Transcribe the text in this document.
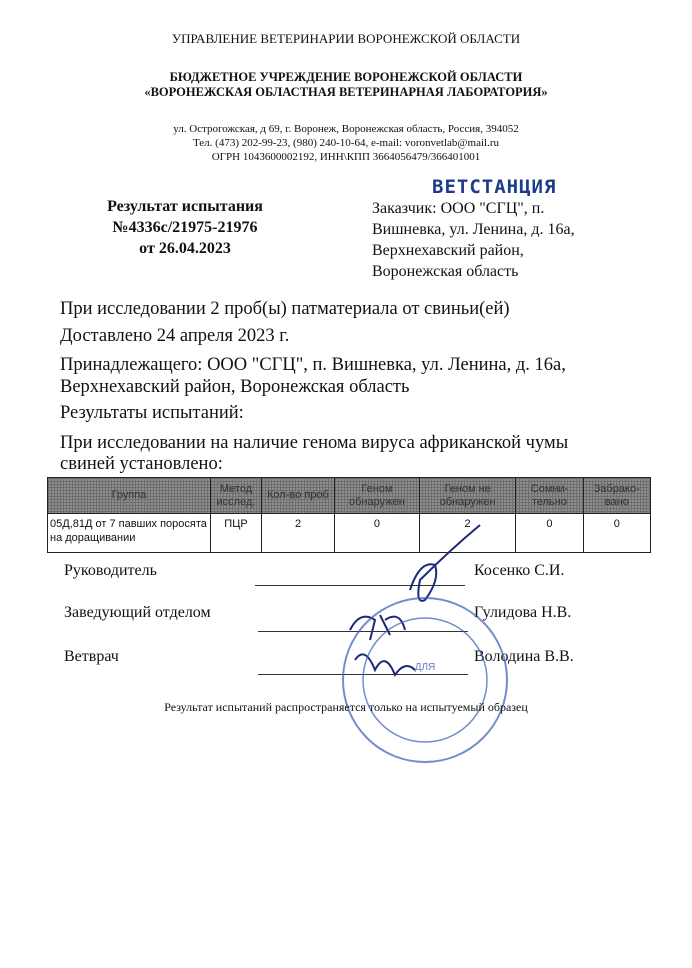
УПРАВЛЕНИЕ ВЕТЕРИНАРИИ ВОРОНЕЖСКОЙ ОБЛАСТИ
БЮДЖЕТНОЕ УЧРЕЖДЕНИЕ ВОРОНЕЖСКОЙ ОБЛАСТИ
«ВОРОНЕЖСКАЯ ОБЛАСТНАЯ ВЕТЕРИНАРНАЯ ЛАБОРАТОРИЯ»
ул. Острогожская, д 69, г. Воронеж, Воронежская область, Россия, 394052
Тел. (473) 202-99-23, (980) 240-10-64, e-mail: voronvetlab@mail.ru
ОГРН 1043600002192, ИНН\КПП 3664056479/366401001
Результат испытания
№4336с/21975-21976
от 26.04.2023
ВЕТСТАНЦИЯ
Заказчик: ООО "СГЦ", п.
Вишневка, ул. Ленина, д. 16а,
Верхнехавский район,
Воронежская область
При исследовании 2 проб(ы) патматериала от свиньи(ей)
Доставлено 24 апреля 2023 г.
Принадлежащего: ООО "СГЦ", п. Вишневка, ул. Ленина, д. 16а,
Верхнехавский район, Воронежская область
Результаты испытаний:
При исследовании на наличие генома вируса африканской чумы
свиней установлено:
Группа	Метод исслед.	Кол-во проб	Геном обнаружен	Геном не обнаружен	Сомни-тельно	Забрако-вано
05Д,81Д от 7 павших поросята на доращивании	ПЦР	2	0	2	0	0
Руководитель	Косенко С.И.
Заведующий отделом	Гулидова Н.В.
Ветврач	Володина В.В.
ДЛЯ
Результат испытаний распространяется только на испытуемый образец
